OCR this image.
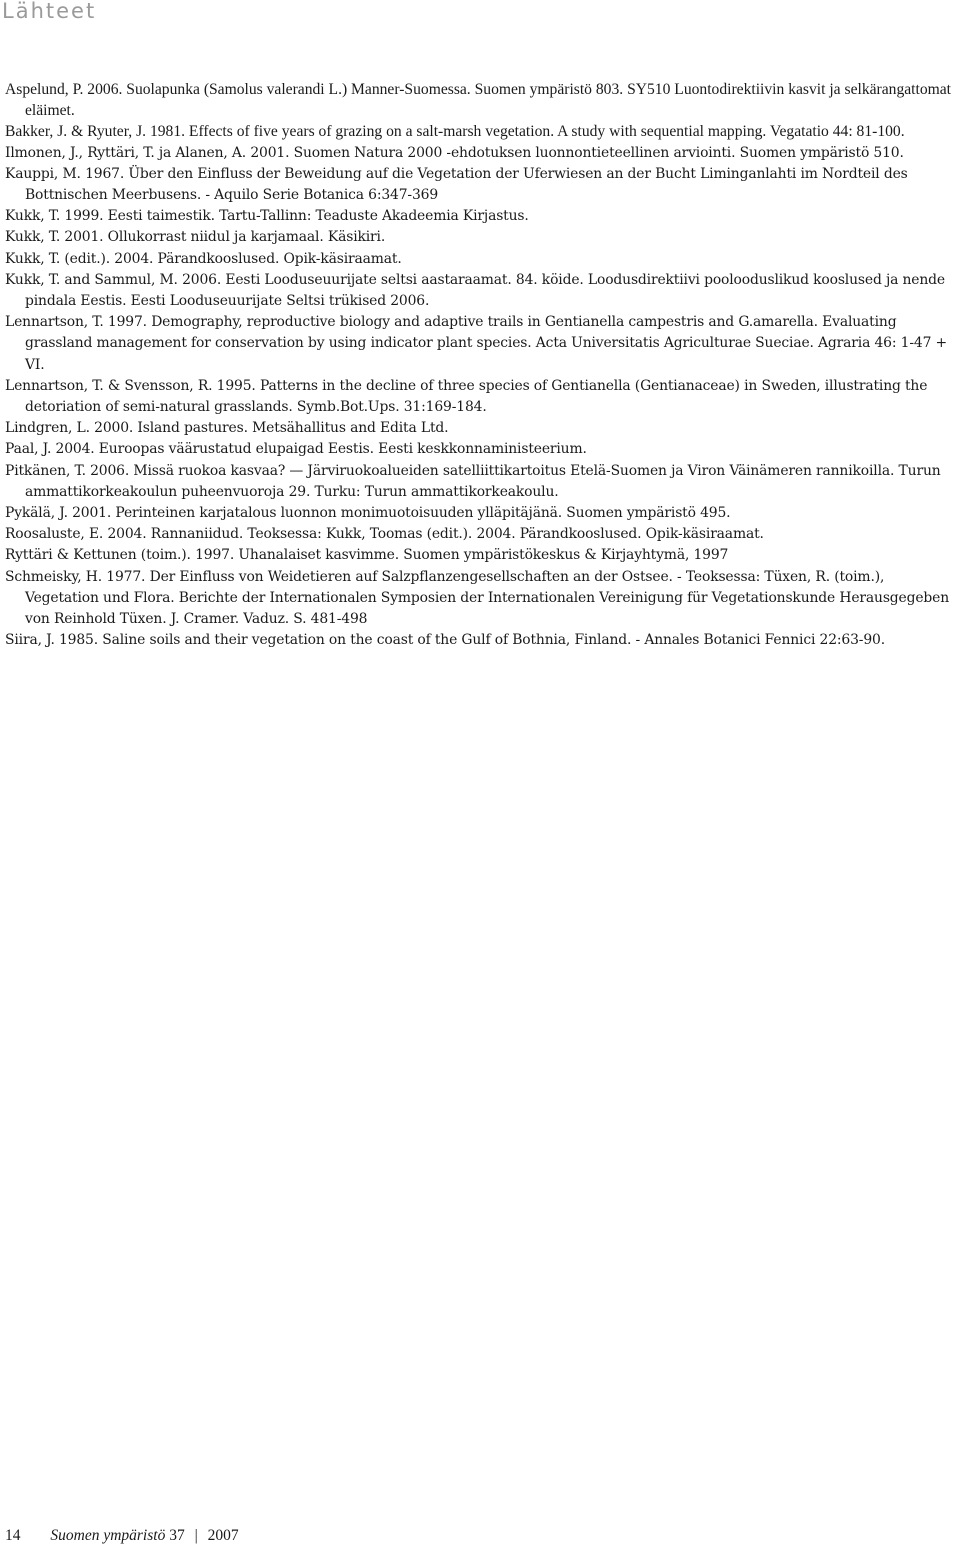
Lähteet
Aspelund, P. 2006. Suolapunka (Samolus valerandi L.) Manner-Suomessa. Suomen ympäristö 803. SY510 Luontodirektiivin kasvit ja selkärangattomat eläimet.
Bakker, J. & Ryuter, J. 1981. Effects of five years of grazing on a salt-marsh vegetation. A study with sequential mapping. Vegatatio 44: 81-100.
Ilmonen, J., Ryttäri, T. ja Alanen, A. 2001. Suomen Natura 2000 -ehdotuksen luonnontieteellinen arviointi. Suomen ympäristö 510.
Kauppi, M. 1967. Über den Einfluss der Beweidung auf die Vegetation der Uferwiesen an der Bucht Liminganlahti im Nordteil des Bottnischen Meerbusens. - Aquilo Serie Botanica 6:347-369
Kukk, T. 1999. Eesti taimestik. Tartu-Tallinn: Teaduste Akadeemia Kirjastus.
Kukk, T. 2001. Ollukorrast niidul ja karjamaal. Käsikiri.
Kukk, T. (edit.). 2004. Pärandkooslused. Opik-käsiraamat.
Kukk, T. and Sammul, M. 2006. Eesti Looduseuurijate seltsi aastaraamat. 84. köide. Loodusdirektiivi poolooduslikud kooslused ja nende pindala Eestis. Eesti Looduseuurijate Seltsi trükised 2006.
Lennartson, T. 1997. Demography, reproductive biology and adaptive trails in Gentianella campestris and G.amarella. Evaluating grassland management for conservation by using indicator plant species. Acta Universitatis Agriculturae Sueciae. Agraria 46: 1-47 + VI.
Lennartson, T. & Svensson, R. 1995. Patterns in the decline of three species of Gentianella (Gentianaceae) in Sweden, illustrating the detoriation of semi-natural grasslands. Symb.Bot.Ups. 31:169-184.
Lindgren, L. 2000. Island pastures. Metsähallitus and Edita Ltd.
Paal, J. 2004. Euroopas väärustatud elupaigad Eestis. Eesti keskkonnaministeerium.
Pitkänen, T. 2006. Missä ruokoa kasvaa? — Järviruokoalueiden satelliittikartoitus Etelä-Suomen ja Viron Väinämeren rannikoilla. Turun ammattikorkeakoulun puheenvuoroja 29. Turku: Turun ammattikorkeakoulu.
Pykälä, J. 2001. Perinteinen karjatalous luonnon monimuotoisuuden ylläpitäjänä. Suomen ympäristö 495.
Roosaluste, E. 2004. Rannaniidud. Teoksessa: Kukk, Toomas (edit.). 2004. Pärandkooslused. Opik-käsiraamat.
Ryttäri & Kettunen (toim.). 1997. Uhanalaiset kasvimme. Suomen ympäristökeskus & Kirjayhtymä, 1997
Schmeisky, H. 1977. Der Einfluss von Weidetieren auf Salzpflanzengesellschaften an der Ostsee. - Teoksessa: Tüxen, R. (toim.), Vegetation und Flora. Berichte der Internationalen Symposien der Internationalen Vereinigung für Vegetationskunde Herausgegeben von Reinhold Tüxen. J. Cramer. Vaduz. S. 481-498
Siira, J. 1985. Saline soils and their vegetation on the coast of the Gulf of Bothnia, Finland. - Annales Botanici Fennici 22:63-90.
14 Suomen ympäristö 37 | 2007
